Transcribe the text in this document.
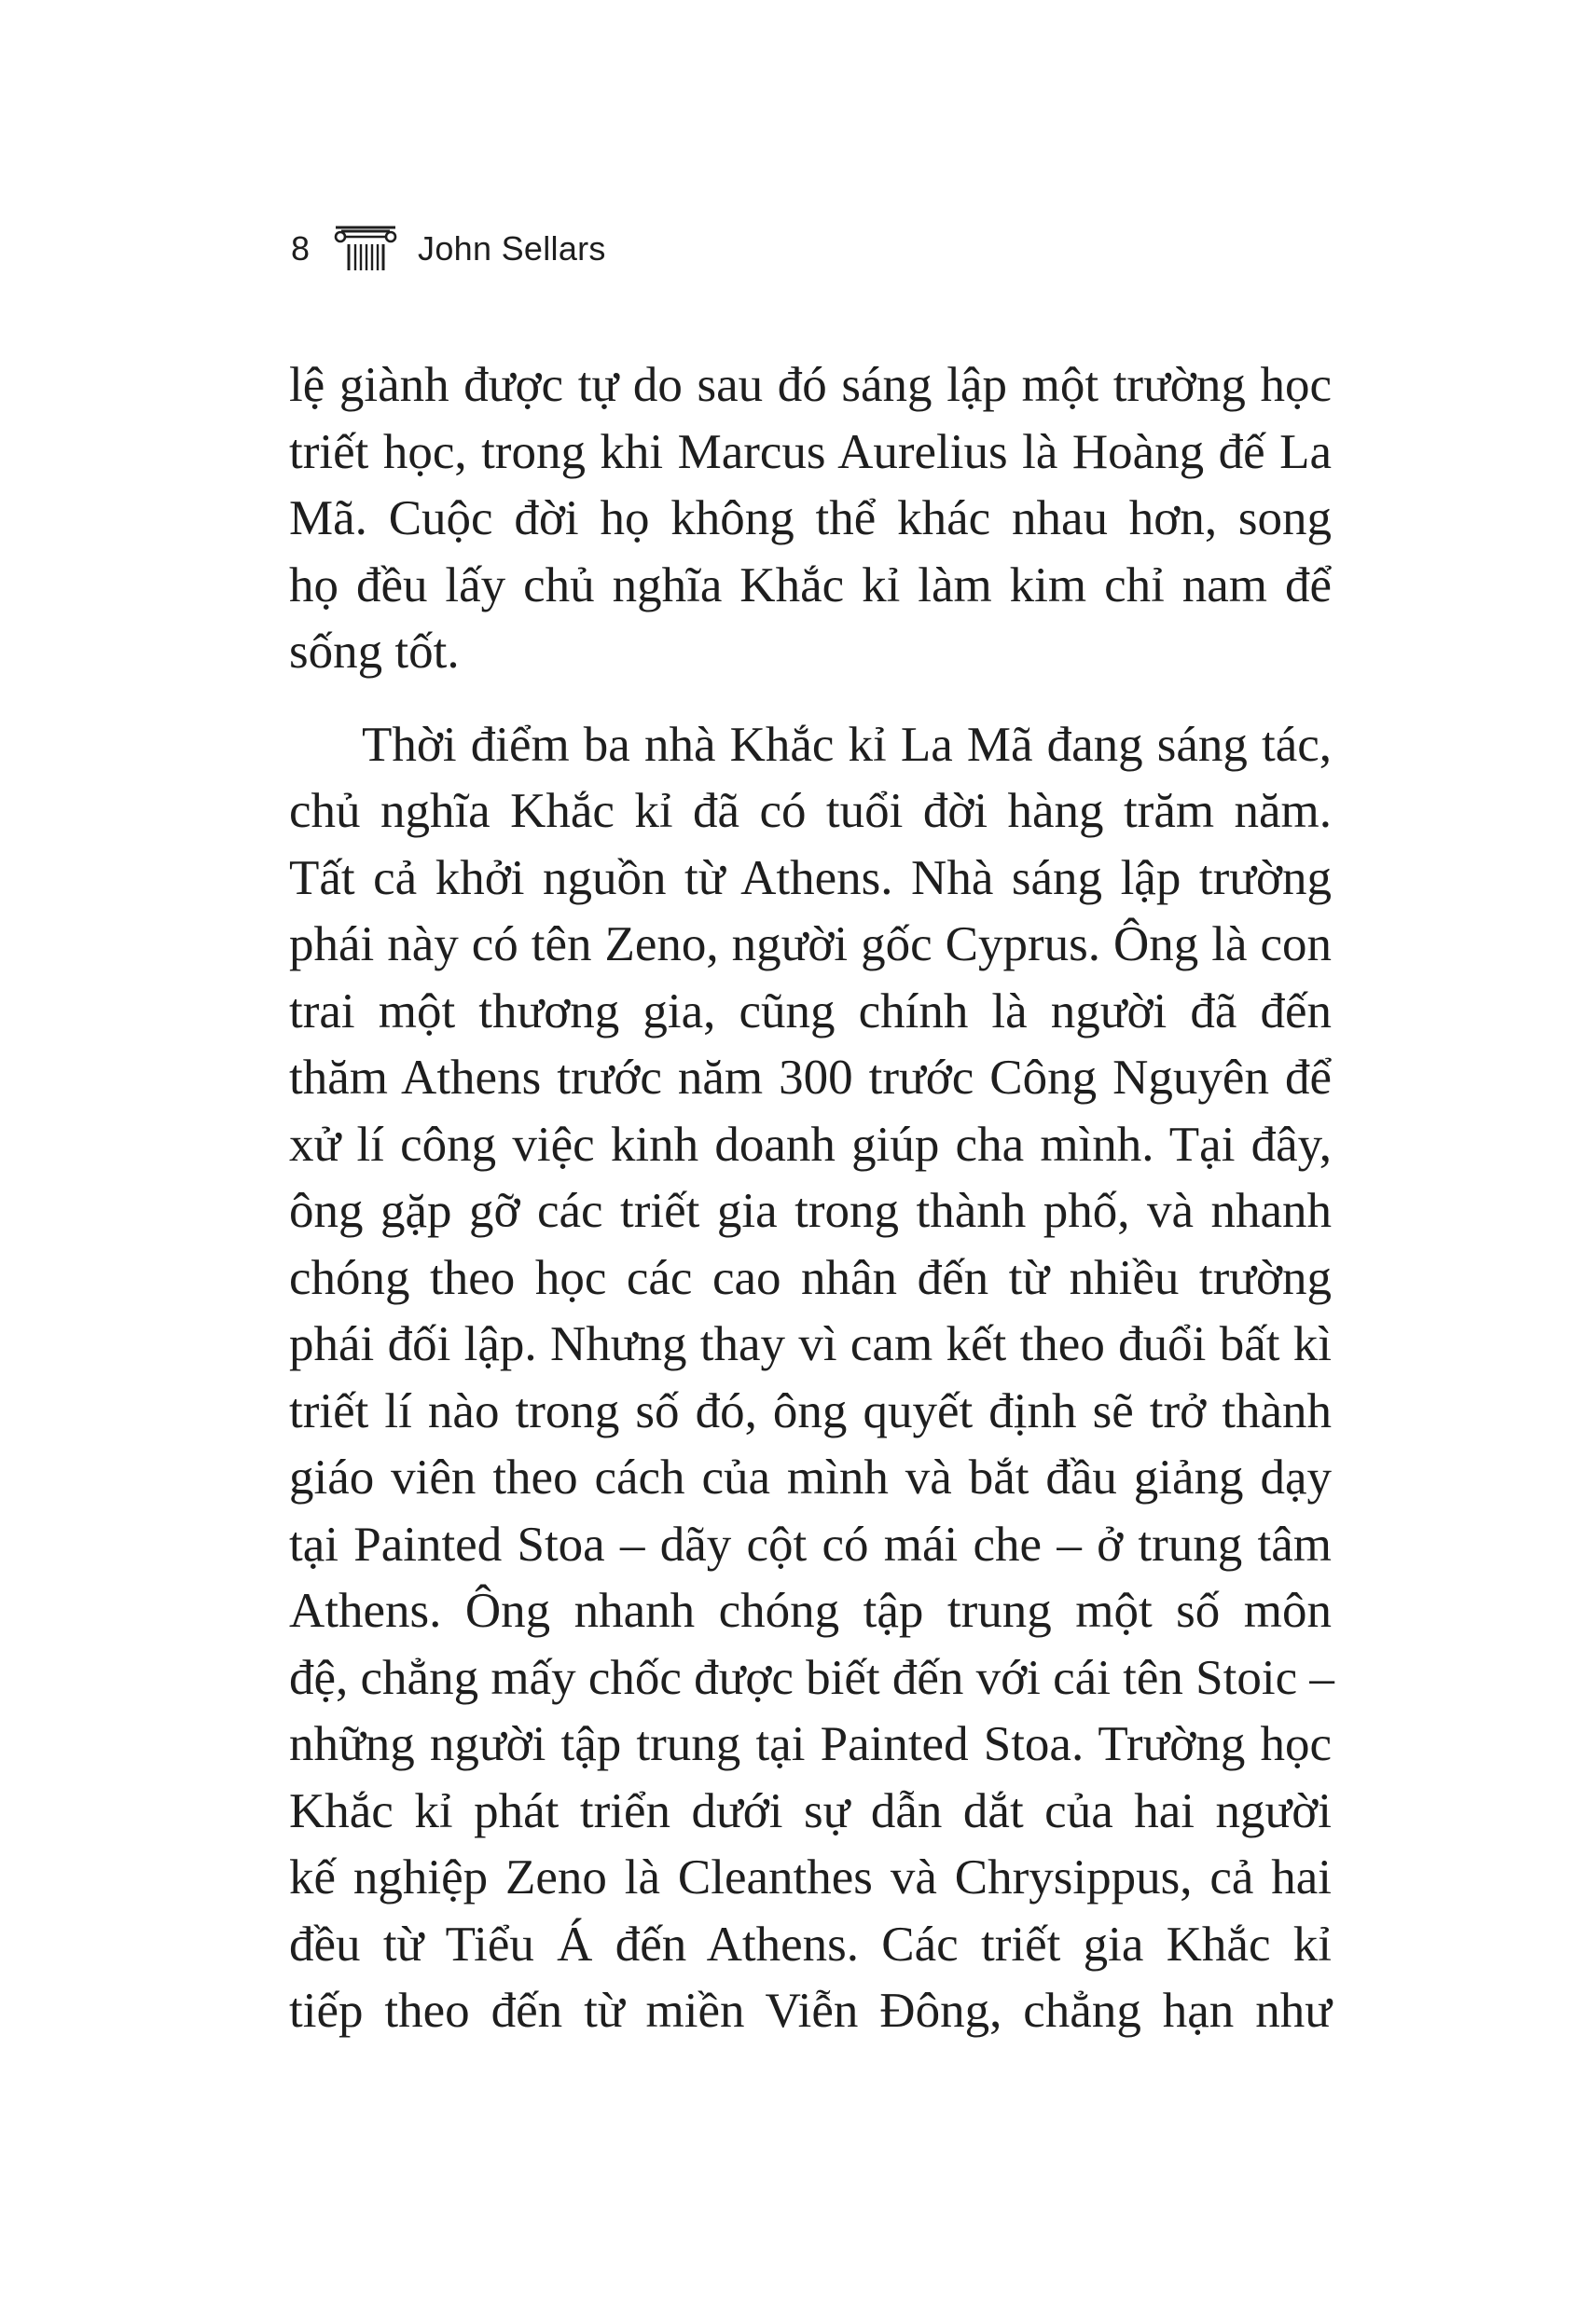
8	John Sellars
lệ giành được tự do sau đó sáng lập một trường học
triết học, trong khi Marcus Aurelius là Hoàng đế La
Mã. Cuộc đời họ không thể khác nhau hơn, song
họ đều lấy chủ nghĩa Khắc kỉ làm kim chỉ nam để
sống tốt.
Thời điểm ba nhà Khắc kỉ La Mã đang sáng tác,
chủ nghĩa Khắc kỉ đã có tuổi đời hàng trăm năm.
Tất cả khởi nguồn từ Athens. Nhà sáng lập trường
phái này có tên Zeno, người gốc Cyprus. Ông là con
trai một thương gia, cũng chính là người đã đến
thăm Athens trước năm 300 trước Công Nguyên để
xử lí công việc kinh doanh giúp cha mình. Tại đây,
ông gặp gỡ các triết gia trong thành phố, và nhanh
chóng theo học các cao nhân đến từ nhiều trường
phái đối lập. Nhưng thay vì cam kết theo đuổi bất kì
triết lí nào trong số đó, ông quyết định sẽ trở thành
giáo viên theo cách của mình và bắt đầu giảng dạy
tại Painted Stoa – dãy cột có mái che – ở trung tâm
Athens. Ông nhanh chóng tập trung một số môn
đệ, chẳng mấy chốc được biết đến với cái tên Stoic –
những người tập trung tại Painted Stoa. Trường học
Khắc kỉ phát triển dưới sự dẫn dắt của hai người
kế nghiệp Zeno là Cleanthes và Chrysippus, cả hai
đều từ Tiểu Á đến Athens. Các triết gia Khắc kỉ
tiếp theo đến từ miền Viễn Đông, chẳng hạn như
